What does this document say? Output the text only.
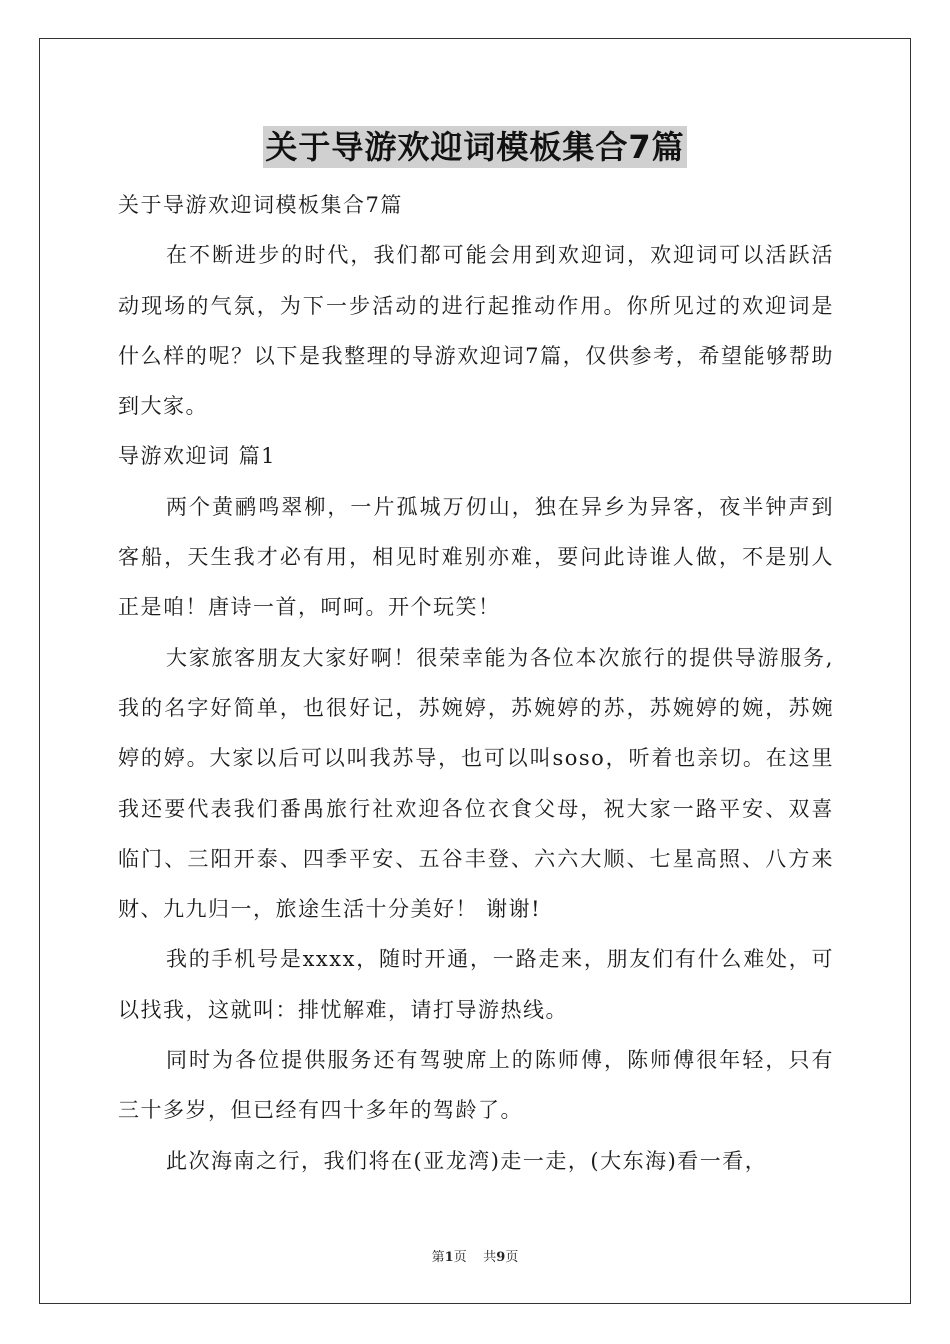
关于导游欢迎词模板集合7篇

关于导游欢迎词模板集合7篇

在不断进步的时代，我们都可能会用到欢迎词，欢迎词可以活跃活动现场的气氛，为下一步活动的进行起推动作用。你所见过的欢迎词是什么样的呢？以下是我整理的导游欢迎词7篇，仅供参考，希望能够帮助到大家。

导游欢迎词 篇1

两个黄鹂鸣翠柳，一片孤城万仞山，独在异乡为异客，夜半钟声到客船，天生我才必有用，相见时难别亦难，要问此诗谁人做，不是别人正是咱！唐诗一首，呵呵。开个玩笑！

大家旅客朋友大家好啊！很荣幸能为各位本次旅行的提供导游服务,我的名字好简单，也很好记，苏婉婷，苏婉婷的苏，苏婉婷的婉，苏婉婷的婷。大家以后可以叫我苏导，也可以叫soso，听着也亲切。在这里我还要代表我们番禺旅行社欢迎各位衣食父母，祝大家一路平安、双喜临门、三阳开泰、四季平安、五谷丰登、六六大顺、七星高照、八方来财、九九归一，旅途生活十分美好！ 谢谢!

我的手机号是xxxx，随时开通，一路走来，朋友们有什么难处，可以找我，这就叫：排忧解难，请打导游热线。

同时为各位提供服务还有驾驶席上的陈师傅，陈师傅很年轻，只有三十多岁，但已经有四十多年的驾龄了。

此次海南之行，我们将在(亚龙湾)走一走，(大东海)看一看，

第1页 共9页
